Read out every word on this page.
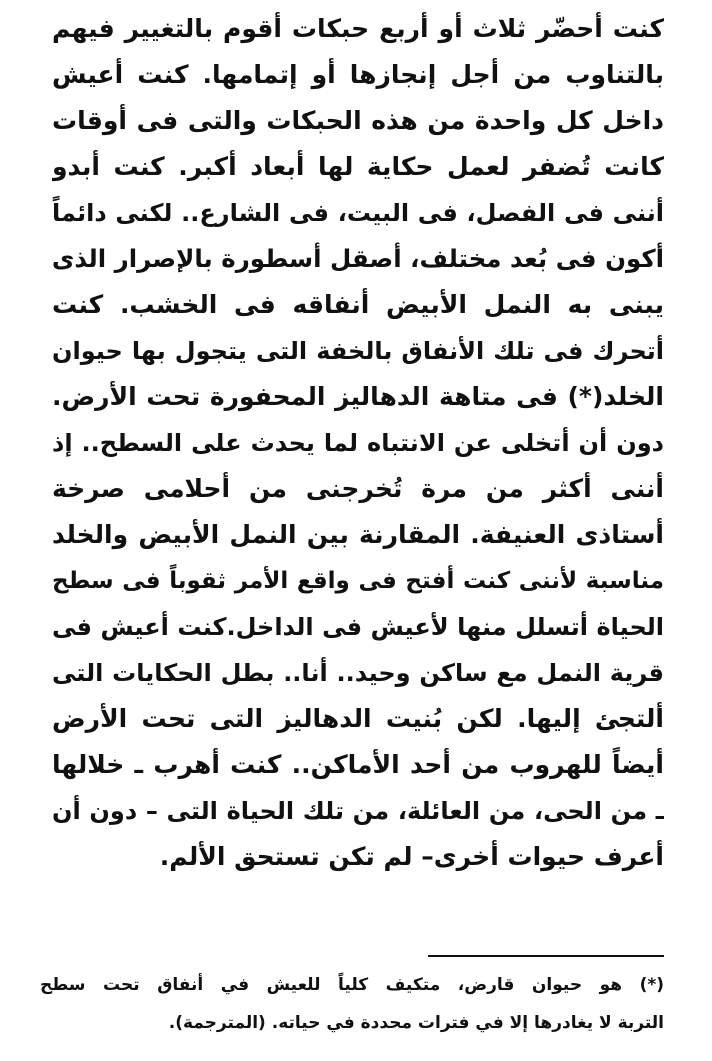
كنت أحضّر ثلاث أو أربع حبكات أقوم بالتغيير فيهم
بالتناوب من أجل إنجازها أو إتمامها. كنت أعيش
داخل كل واحدة من هذه الحبكات والتى فى أوقات
كانت تُضفر لعمل حكاية لها أبعاد أكبر. كنت أبدو
أننى فى الفصل، فى البيت، فى الشارع.. لكنى دائماً
أكون فى بُعد مختلف، أصقل أسطورة بالإصرار الذى
يبنى به النمل الأبيض أنفاقه فى الخشب. كنت
أتحرك فى تلك الأنفاق بالخفة التى يتجول بها حيوان
الخلد(*) فى متاهة الدهاليز المحفورة تحت الأرض.
دون أن أتخلى عن الانتباه لما يحدث على السطح.. إذ
أننى أكثر من مرة تُخرجنى من أحلامى صرخة
أستاذى العنيفة. المقارنة بين النمل الأبيض والخلد
مناسبة لأننى كنت أفتح فى واقع الأمر ثقوباً فى سطح
الحياة أتسلل منها لأعيش فى الداخل.كنت أعيش فى
قرية النمل مع ساكن وحيد.. أنا.. بطل الحكايات التى
ألتجئ إليها. لكن بُنيت الدهاليز التى تحت الأرض
أيضاً للهروب من أحد الأماكن.. كنت أهرب ـ خلالها
ـ من الحى، من العائلة، من تلك الحياة التى – دون أن
أعرف حيوات أخرى– لم تكن تستحق الألم.
(*) هو حيوان قارض، متكيف كلياً للعيش في أنفاق تحت سطح
التربة لا يغادرها إلا في فترات محددة في حياته. (المترجمة).
